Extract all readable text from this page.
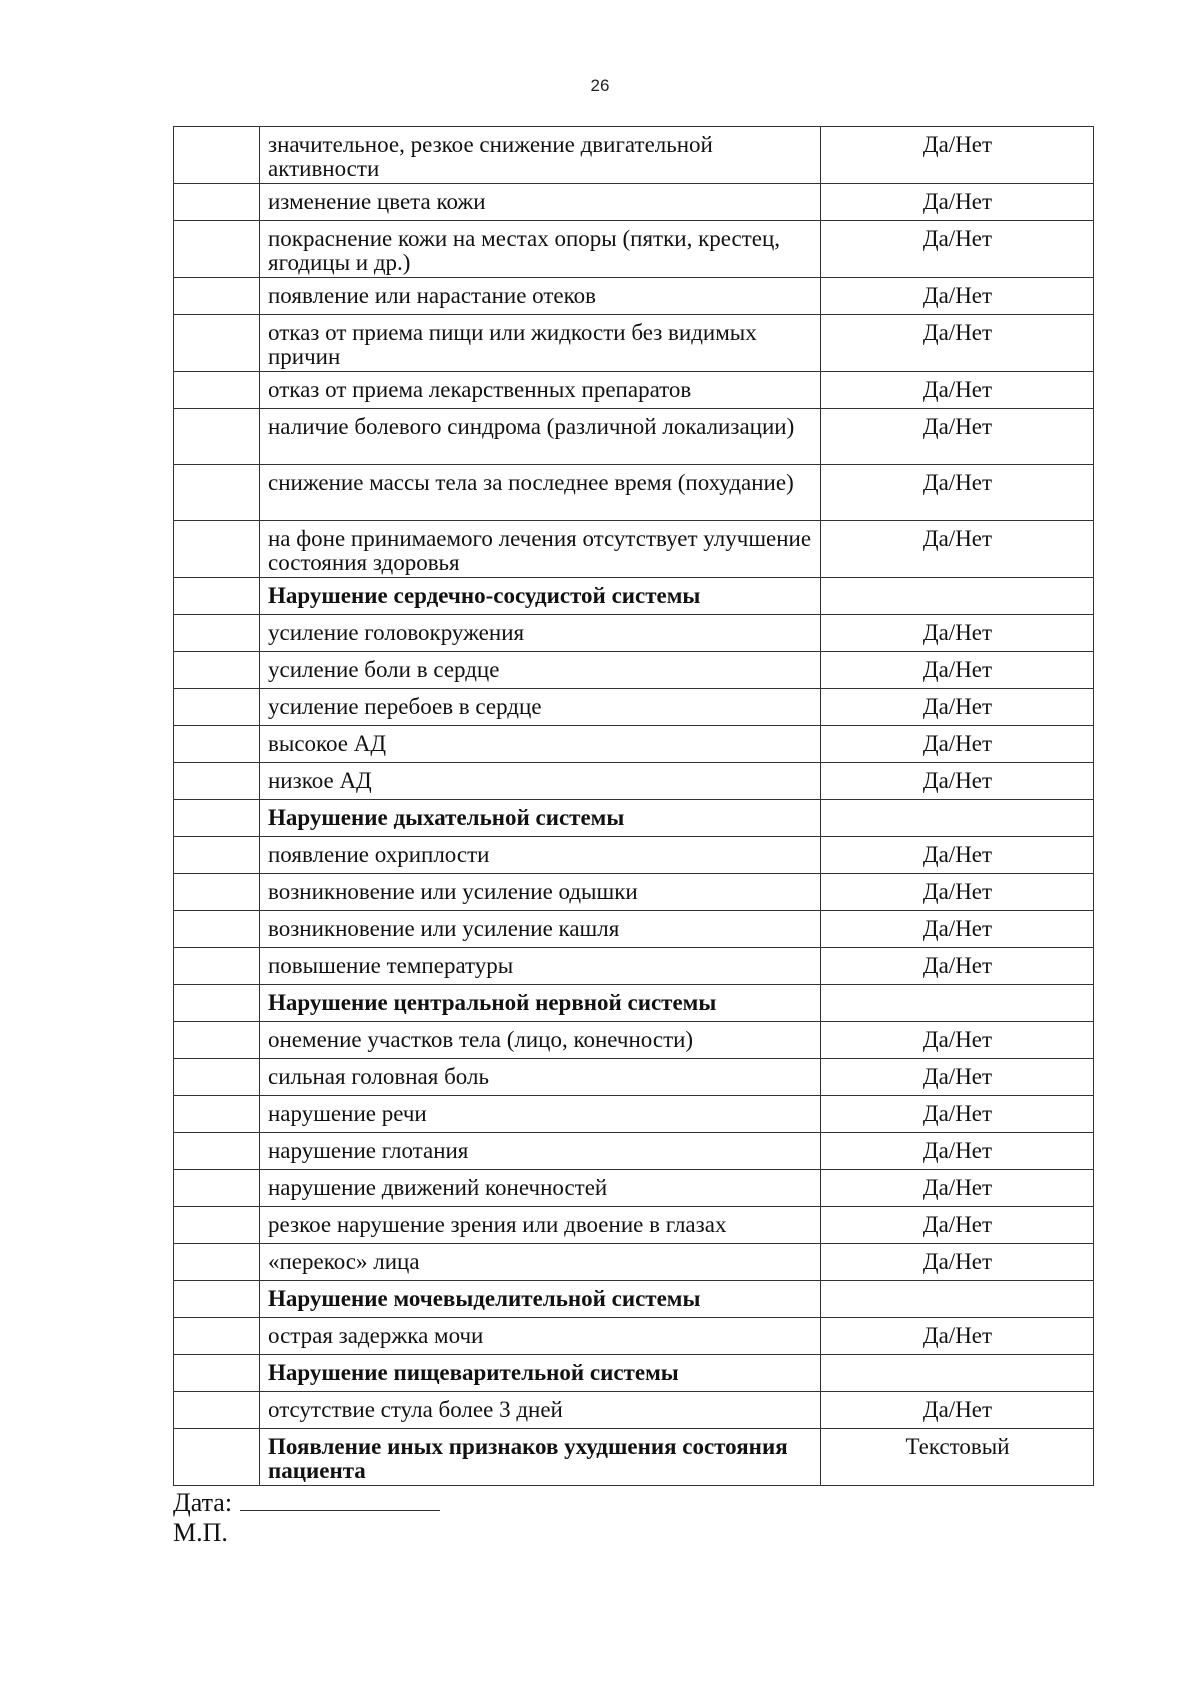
26
	значительное, резкое снижение двигательной активности	Да/Нет
	изменение цвета кожи	Да/Нет
	покраснение кожи на местах опоры (пятки, крестец, ягодицы и др.)	Да/Нет
	появление или нарастание отеков	Да/Нет
	отказ от приема пищи или жидкости без видимых причин	Да/Нет
	отказ от приема лекарственных препаратов	Да/Нет
	наличие болевого синдрома (различной локализации)	Да/Нет
	снижение массы тела за последнее время (похудание)	Да/Нет
	на фоне принимаемого лечения отсутствует улучшение состояния здоровья	Да/Нет
	Нарушение сердечно-сосудистой системы	
	усиление головокружения	Да/Нет
	усиление боли в сердце	Да/Нет
	усиление перебоев в сердце	Да/Нет
	высокое АД	Да/Нет
	низкое АД	Да/Нет
	Нарушение дыхательной системы	
	появление охриплости	Да/Нет
	возникновение или усиление одышки	Да/Нет
	возникновение или усиление кашля	Да/Нет
	повышение температуры	Да/Нет
	Нарушение центральной нервной системы	
	онемение участков тела (лицо, конечности)	Да/Нет
	сильная головная боль	Да/Нет
	нарушение речи	Да/Нет
	нарушение глотания	Да/Нет
	нарушение движений конечностей	Да/Нет
	резкое нарушение зрения или двоение в глазах	Да/Нет
	«перекос» лица	Да/Нет
	Нарушение мочевыделительной системы	
	острая задержка мочи	Да/Нет
	Нарушение пищеварительной системы	
	отсутствие стула более 3 дней	Да/Нет
	Появление иных признаков ухудшения состояния пациента	Текстовый
Дата:
М.П.
